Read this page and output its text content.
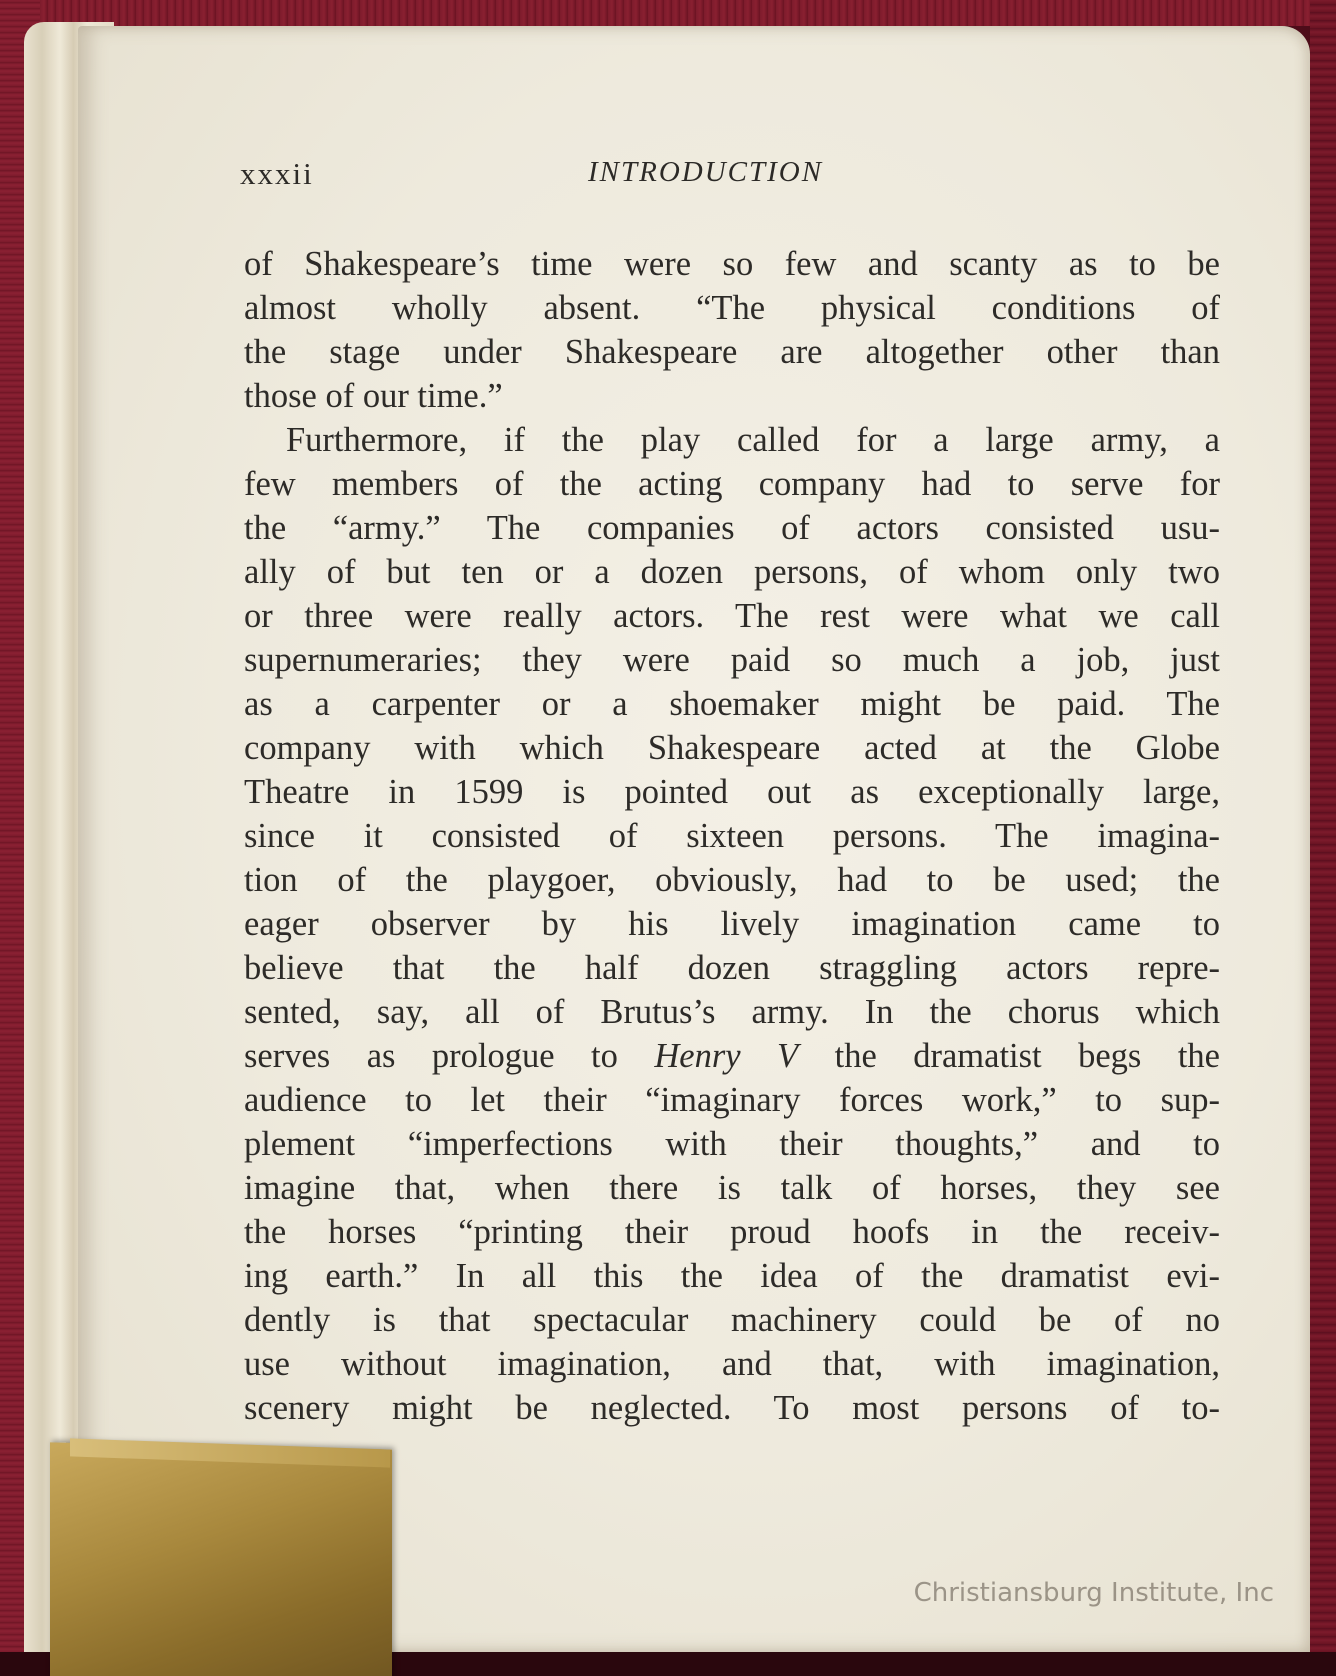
xxxii	INTRODUCTION
of Shakespeare’s time were so few and scanty as to be
almost wholly absent. “The physical conditions of
the stage under Shakespeare are altogether other than
those of our time.”
Furthermore, if the play called for a large army, a
few members of the acting company had to serve for
the “army.” The companies of actors consisted usu-
ally of but ten or a dozen persons, of whom only two
or three were really actors. The rest were what we call
supernumeraries; they were paid so much a job, just
as a carpenter or a shoemaker might be paid. The
company with which Shakespeare acted at the Globe
Theatre in 1599 is pointed out as exceptionally large,
since it consisted of sixteen persons. The imagina-
tion of the playgoer, obviously, had to be used; the
eager observer by his lively imagination came to
believe that the half dozen straggling actors repre-
sented, say, all of Brutus’s army. In the chorus which
serves as prologue to Henry V the dramatist begs the
audience to let their “imaginary forces work,” to sup-
plement “imperfections with their thoughts,” and to
imagine that, when there is talk of horses, they see
the horses “printing their proud hoofs in the receiv-
ing earth.” In all this the idea of the dramatist evi-
dently is that spectacular machinery could be of no
use without imagination, and that, with imagination,
scenery might be neglected. To most persons of to-
Christiansburg Institute, Inc
